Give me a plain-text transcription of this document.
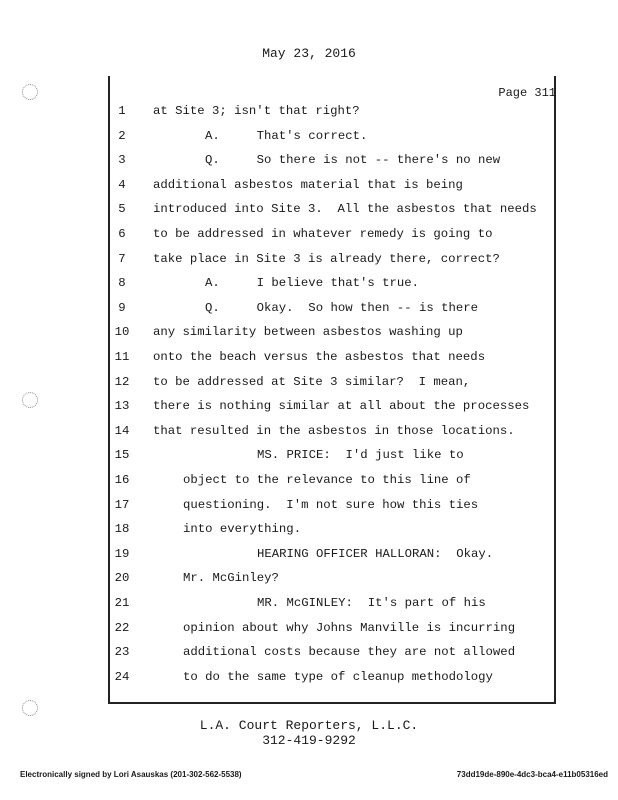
May 23, 2016
Page 311
1	at Site 3; isn't that right?
2	A.     That's correct.
3	Q.     So there is not -- there's no new
4	additional asbestos material that is being
5	introduced into Site 3.  All the asbestos that needs
6	to be addressed in whatever remedy is going to
7	take place in Site 3 is already there, correct?
8	A.     I believe that's true.
9	Q.     Okay.  So how then -- is there
10	any similarity between asbestos washing up
11	onto the beach versus the asbestos that needs
12	to be addressed at Site 3 similar?  I mean,
13	there is nothing similar at all about the processes
14	that resulted in the asbestos in those locations.
15	MS. PRICE:  I'd just like to
16	object to the relevance to this line of
17	questioning.  I'm not sure how this ties
18	into everything.
19	HEARING OFFICER HALLORAN:  Okay.
20	Mr. McGinley?
21	MR. McGINLEY:  It's part of his
22	opinion about why Johns Manville is incurring
23	additional costs because they are not allowed
24	to do the same type of cleanup methodology
L.A. Court Reporters, L.L.C.
312-419-9292
Electronically signed by Lori Asauskas (201-302-562-5538)	73dd19de-890e-4dc3-bca4-e11b05316ed
